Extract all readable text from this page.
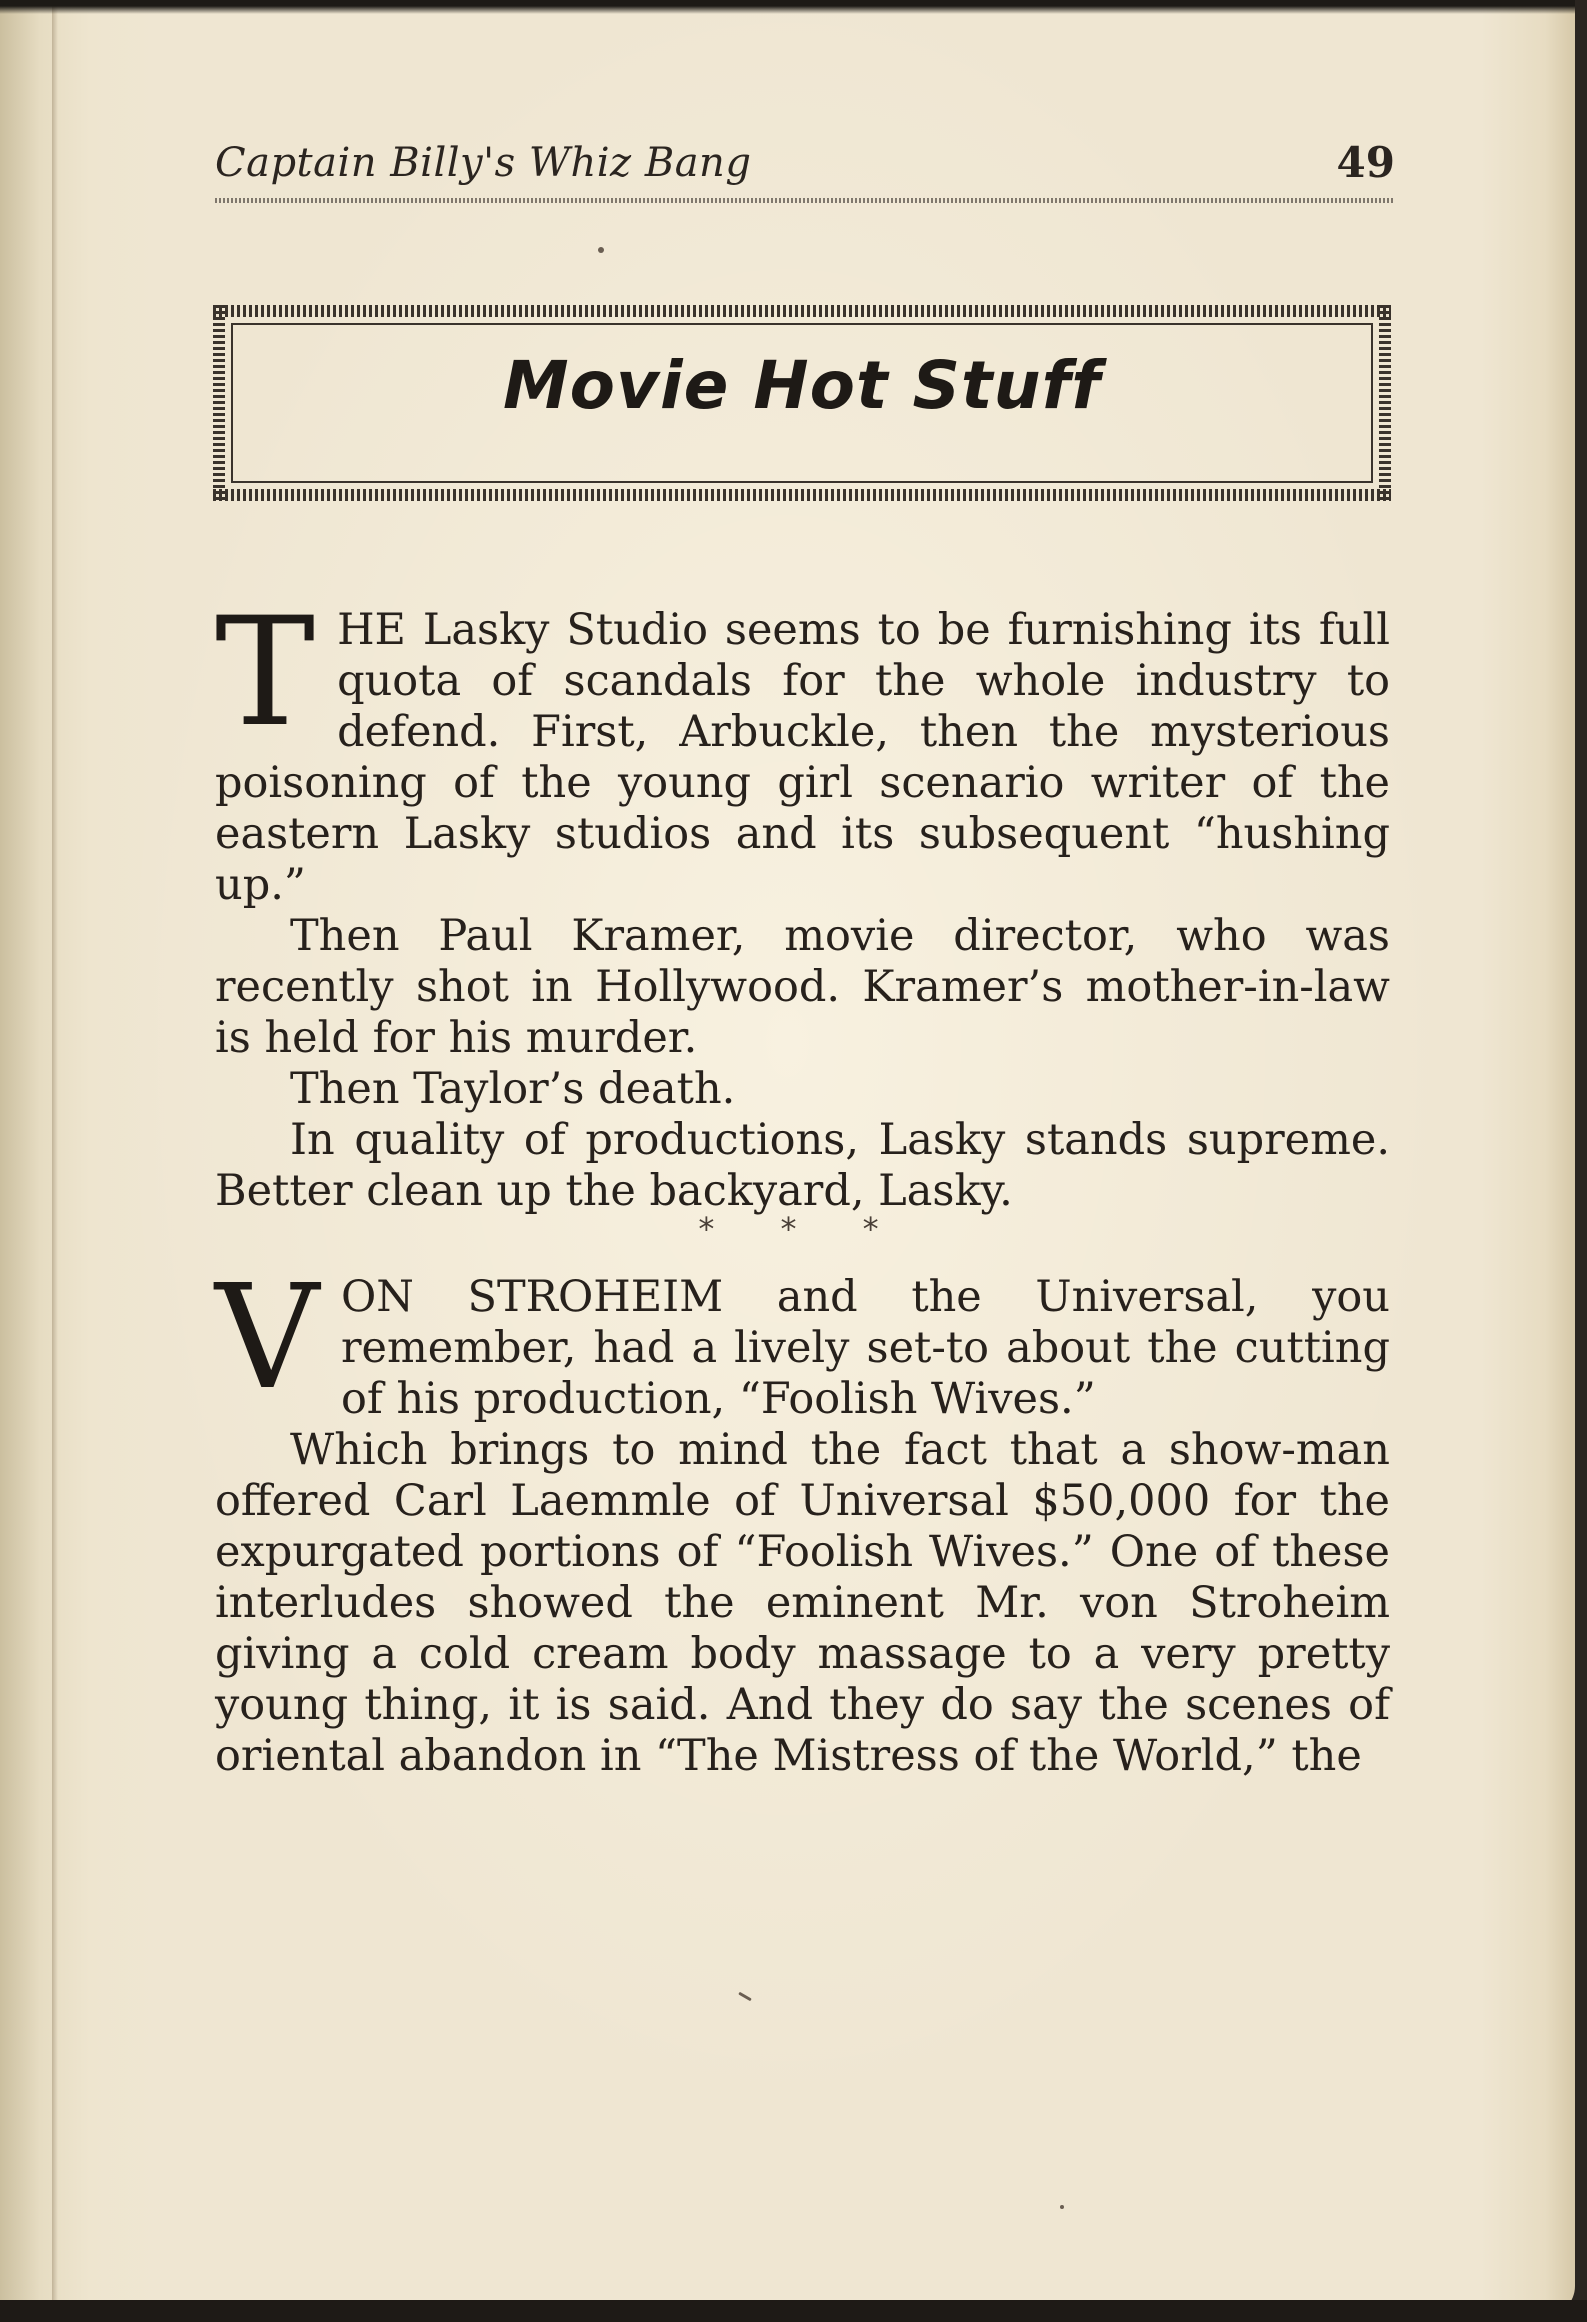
Captain Billy's Whiz Bang	49
Movie Hot Stuff

THE Lasky Studio seems to be furnishing its full quota of scandals for the whole industry to defend. First, Arbuckle, then the mysterious poisoning of the young girl scenario writer of the eastern Lasky studios and its subsequent “hushing up.”

Then Paul Kramer, movie director, who was recently shot in Hollywood. Kramer’s mother-in-law is held for his murder.

Then Taylor’s death.

In quality of productions, Lasky stands supreme. Better clean up the backyard, Lasky.

* * *

VON STROHEIM and the Universal, you remember, had a lively set-to about the cutting of his production, “Foolish Wives.”

Which brings to mind the fact that a show-man offered Carl Laemmle of Universal $50,000 for the expurgated portions of “Foolish Wives.” One of these interludes showed the eminent Mr. von Stroheim giving a cold cream body massage to a very pretty young thing, it is said. And they do say the scenes of oriental abandon in “The Mistress of the World,” the
